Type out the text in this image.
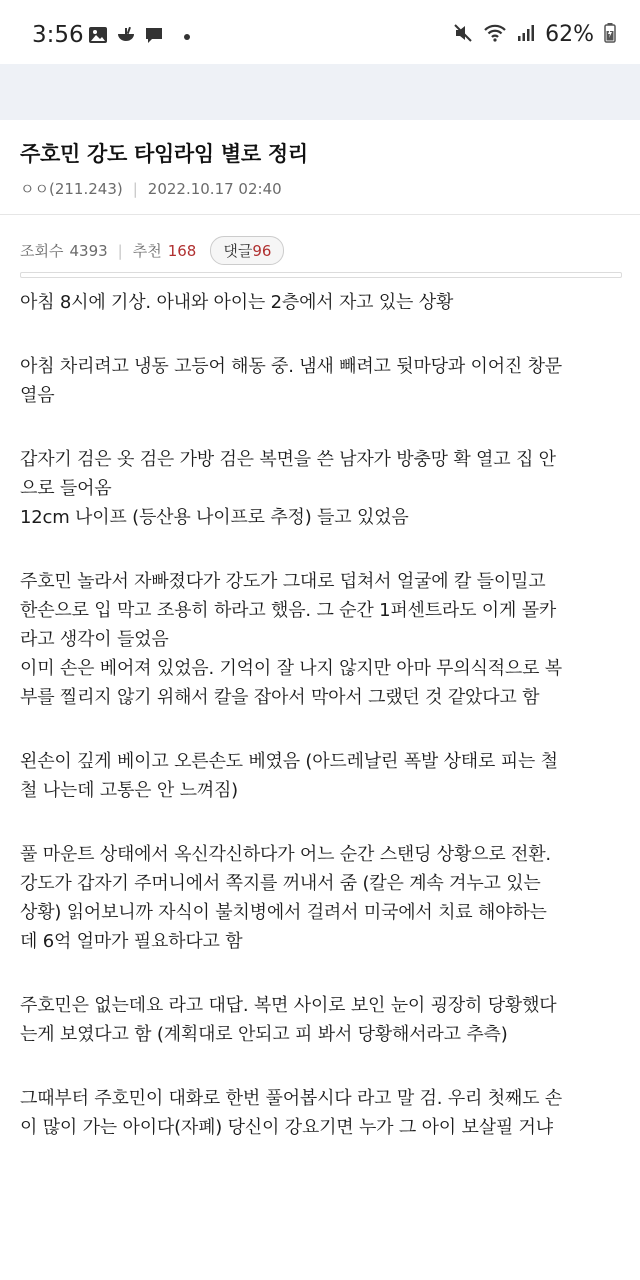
3:56	62%
주호민 강도 타임라임 별로 정리
ㅇㅇ(211.243) | 2022.10.17 02:40
조회수 4393 | 추천 168	댓글96

아침 8시에 기상. 아내와 아이는 2층에서 자고 있는 상황

아침 차리려고 냉동 고등어 해동 중. 냄새 빼려고 뒷마당과 이어진 창문
열음

갑자기 검은 옷 검은 가방 검은 복면을 쓴 남자가 방충망 확 열고 집 안
으로 들어옴

12cm 나이프 (등산용 나이프로 추정) 들고 있었음

주호민 놀라서 자빠졌다가 강도가 그대로 덥쳐서 얼굴에 칼 들이밀고
한손으로 입 막고 조용히 하라고 했음. 그 순간 1퍼센트라도 이게 몰카
라고 생각이 들었음

이미 손은 베어져 있었음. 기억이 잘 나지 않지만 아마 무의식적으로 복
부를 찔리지 않기 위해서 칼을 잡아서 막아서 그랬던 것 같았다고 함

왼손이 깊게 베이고 오른손도 베였음 (아드레날린 폭발 상태로 피는 철
철 나는데 고통은 안 느껴짐)

풀 마운트 상태에서 옥신각신하다가 어느 순간 스탠딩 상황으로 전환.
강도가 갑자기 주머니에서 쪽지를 꺼내서 줌 (칼은 계속 겨누고 있는
상황) 읽어보니까 자식이 불치병에서 걸려서 미국에서 치료 해야하는
데 6억 얼마가 필요하다고 함

주호민은 없는데요 라고 대답. 복면 사이로 보인 눈이 굉장히 당황했다
는게 보였다고 함 (계획대로 안되고 피 봐서 당황해서라고 추측)

그때부터 주호민이 대화로 한번 풀어봅시다 라고 말 검. 우리 첫째도 손
이 많이 가는 아이다(자폐) 당신이 강요기면 누가 그 아이 보살필 거냐
